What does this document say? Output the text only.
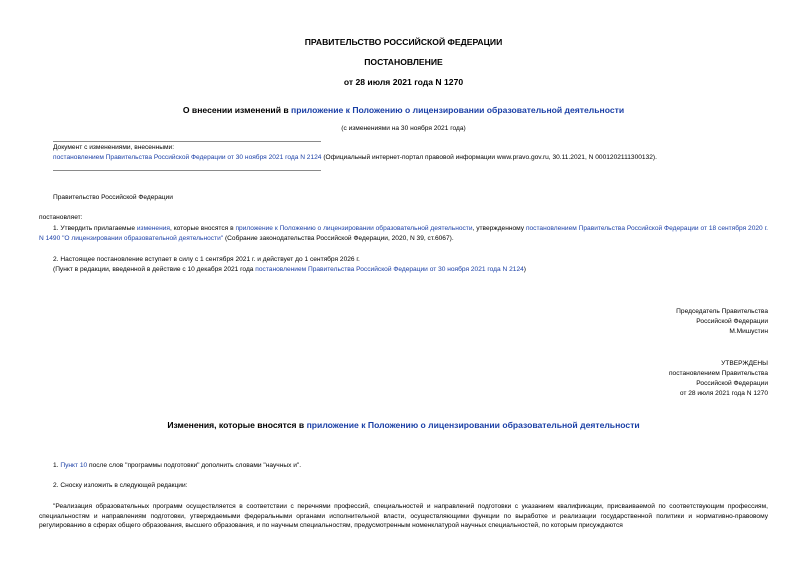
ПРАВИТЕЛЬСТВО РОССИЙСКОЙ ФЕДЕРАЦИИ
ПОСТАНОВЛЕНИЕ
от 28 июля 2021 года N 1270
О внесении изменений в приложение к Положению о лицензировании образовательной деятельности
(с изменениями на 30 ноября 2021 года)
Документ с изменениями, внесенными:
постановлением Правительства Российской Федерации от 30 ноября 2021 года N 2124 (Официальный интернет-портал правовой информации www.pravo.gov.ru, 30.11.2021, N 0001202111300132).
Правительство Российской Федерации
постановляет:
1. Утвердить прилагаемые изменения, которые вносятся в приложение к Положению о лицензировании образовательной деятельности, утвержденному постановлением Правительства Российской Федерации от 18 сентября 2020 г. N 1490 "О лицензировании образовательной деятельности" (Собрание законодательства Российской Федерации, 2020, N 39, ст.6067).
2. Настоящее постановление вступает в силу с 1 сентября 2021 г. и действует до 1 сентября 2026 г.
(Пункт в редакции, введенной в действие с 10 декабря 2021 года постановлением Правительства Российской Федерации от 30 ноября 2021 года N 2124)
Председатель Правительства
Российской Федерации
М.Мишустин
УТВЕРЖДЕНЫ
постановлением Правительства
Российской Федерации
от 28 июля 2021 года N 1270
Изменения, которые вносятся в приложение к Положению о лицензировании образовательной деятельности
1. Пункт 10 после слов "программы подготовки" дополнить словами "научных и".
2. Сноску изложить в следующей редакции:
"Реализация образовательных программ осуществляется в соответствии с перечнями профессий, специальностей и направлений подготовки с указанием квалификации, присваиваемой по соответствующим профессиям, специальностям и направлениям подготовки, утверждаемыми федеральными органами исполнительной власти, осуществляющими функции по выработке и реализации государственной политики и нормативно-правовому регулированию в сферах общего образования, высшего образования, и по научным специальностям, предусмотренным номенклатурой научных специальностей, по которым присуждаются
